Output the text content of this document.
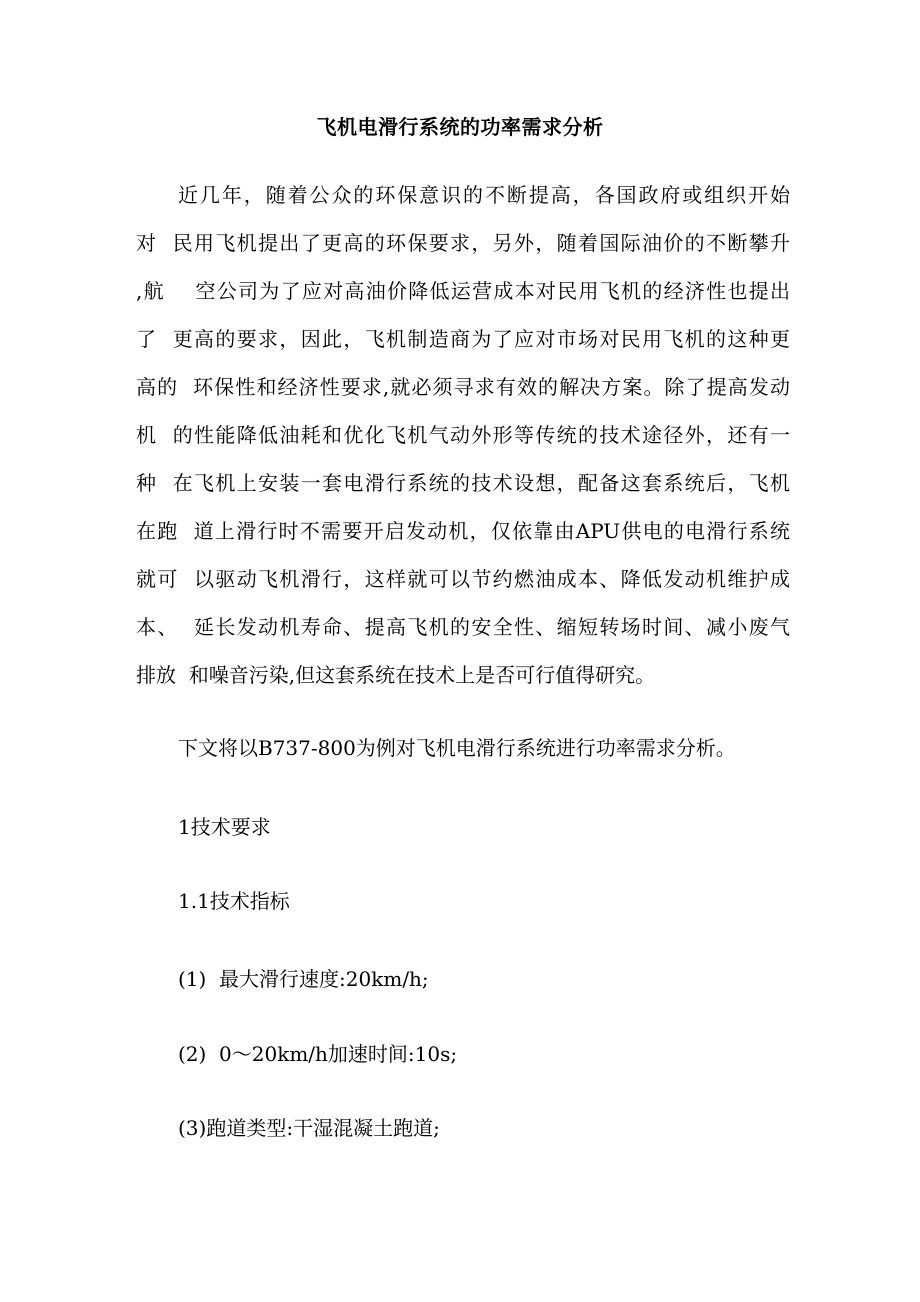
飞机电滑行系统的功率需求分析
近几年，随着公众的环保意识的不断提高，各国政府或组织开始
对  民用飞机提出了更高的环保要求，另外，随着国际油价的不断攀升
,航    空公司为了应对高油价降低运营成本对民用飞机的经济性也提出
了  更高的要求，因此，飞机制造商为了应对市场对民用飞机的这种更
高的  环保性和经济性要求,就必须寻求有效的解决方案。除了提高发动
机  的性能降低油耗和优化飞机气动外形等传统的技术途径外，还有一
种  在飞机上安装一套电滑行系统的技术设想，配备这套系统后，飞机
在跑  道上滑行时不需要开启发动机，仅依靠由APU供电的电滑行系统
就可  以驱动飞机滑行，这样就可以节约燃油成本、降低发动机维护成
本、  延长发动机寿命、提高飞机的安全性、缩短转场时间、减小废气
排放  和噪音污染,但这套系统在技术上是否可行值得研究。
下文将以B737-800为例对飞机电滑行系统进行功率需求分析。
1技术要求
1.1技术指标
(1)  最大滑行速度:20km/h;
(2)  0〜20km/h加速时间:10s;
(3)跑道类型:干湿混凝土跑道;
